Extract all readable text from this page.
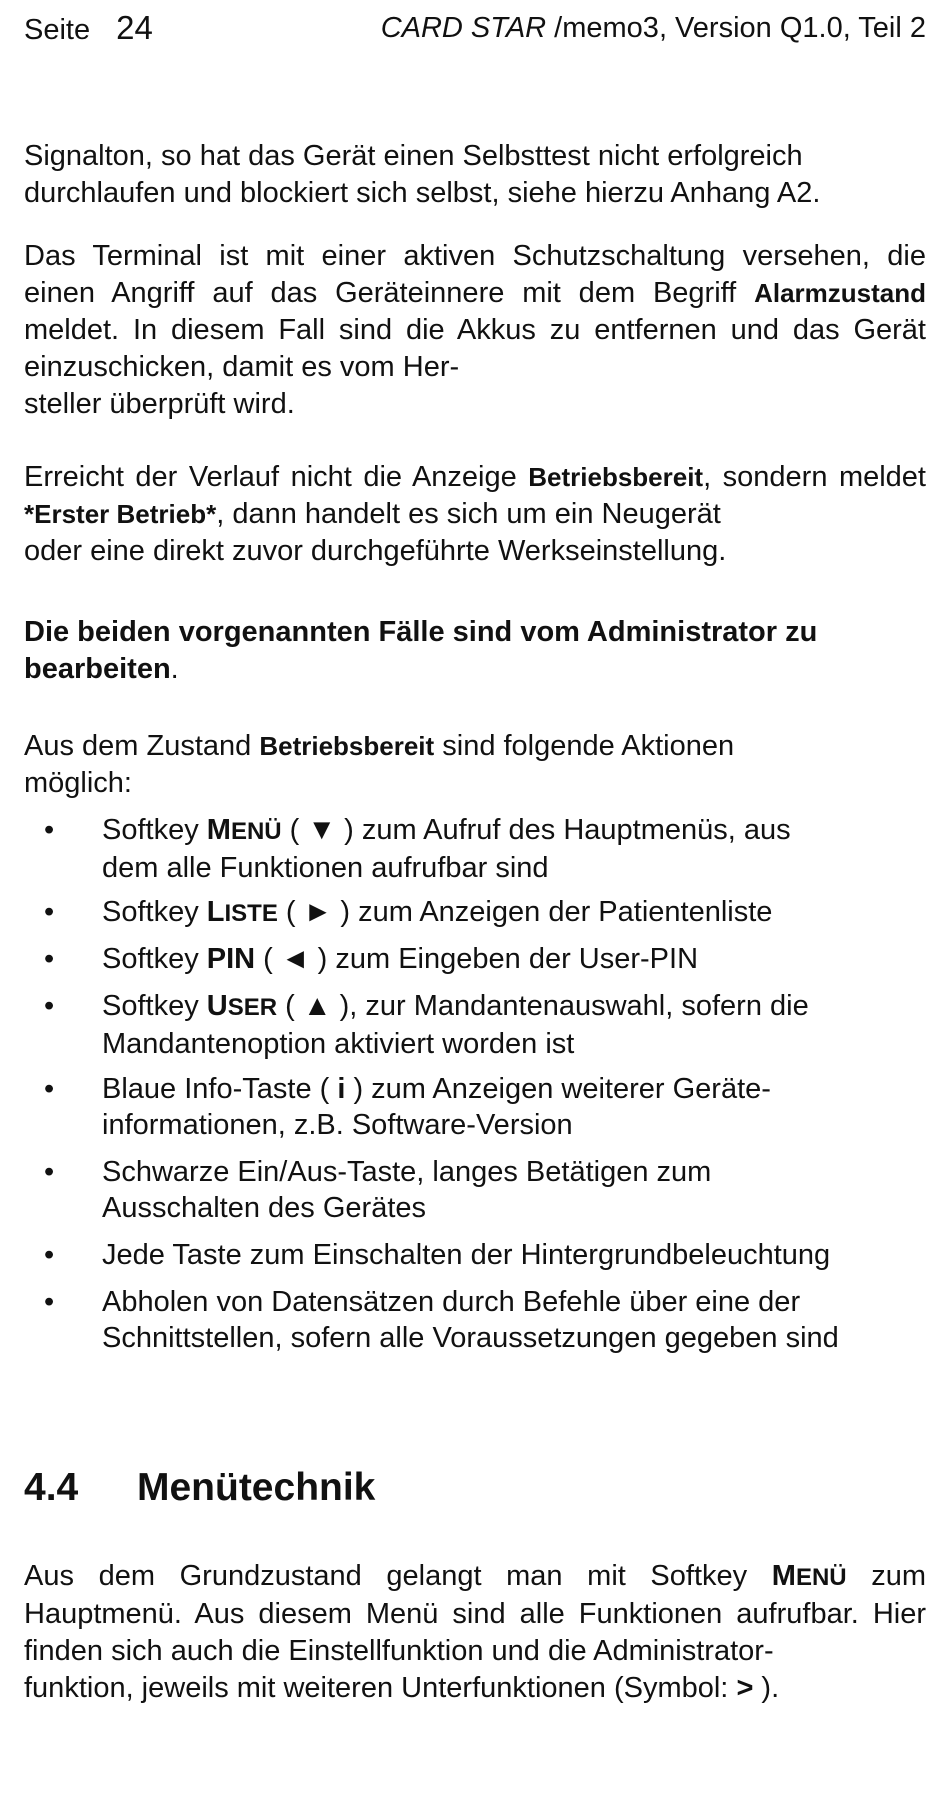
Seite 24	CARD STAR /memo3, Version Q1.0, Teil 2

Signalton, so hat das Gerät einen Selbsttest nicht erfolgreich
durchlaufen und blockiert sich selbst, siehe hierzu Anhang A2.

Das Terminal ist mit einer aktiven Schutzschaltung versehen, die einen Angriff auf das Geräteinnere mit dem Begriff Alarmzustand meldet. In diesem Fall sind die Akkus zu entfernen und das Gerät einzuschicken, damit es vom Her-
steller überprüft wird.

Erreicht der Verlauf nicht die Anzeige Betriebsbereit, sondern meldet *Erster Betrieb*, dann handelt es sich um ein Neugerät
oder eine direkt zuvor durchgeführte Werkseinstellung.

Die beiden vorgenannten Fälle sind vom Administrator zu
bearbeiten.

Aus dem Zustand Betriebsbereit sind folgende Aktionen
möglich:

• Softkey MENÜ ( ▼ ) zum Aufruf des Hauptmenüs, aus
dem alle Funktionen aufrufbar sind
• Softkey LISTE ( ► ) zum Anzeigen der Patientenliste
• Softkey PIN ( ◄ ) zum Eingeben der User-PIN
• Softkey USER ( ▲ ), zur Mandantenauswahl, sofern die
Mandantenoption aktiviert worden ist
• Blaue Info-Taste ( i ) zum Anzeigen weiterer Geräte-
informationen, z.B. Software-Version
• Schwarze Ein/Aus-Taste, langes Betätigen zum
Ausschalten des Gerätes
• Jede Taste zum Einschalten der Hintergrundbeleuchtung
• Abholen von Datensätzen durch Befehle über eine der
Schnittstellen, sofern alle Voraussetzungen gegeben sind
4.4 Menütechnik

Aus dem Grundzustand gelangt man mit Softkey MENÜ zum Hauptmenü. Aus diesem Menü sind alle Funktionen aufrufbar. Hier finden sich auch die Einstellfunktion und die Administrator-
funktion, jeweils mit weiteren Unterfunktionen (Symbol: > ).
